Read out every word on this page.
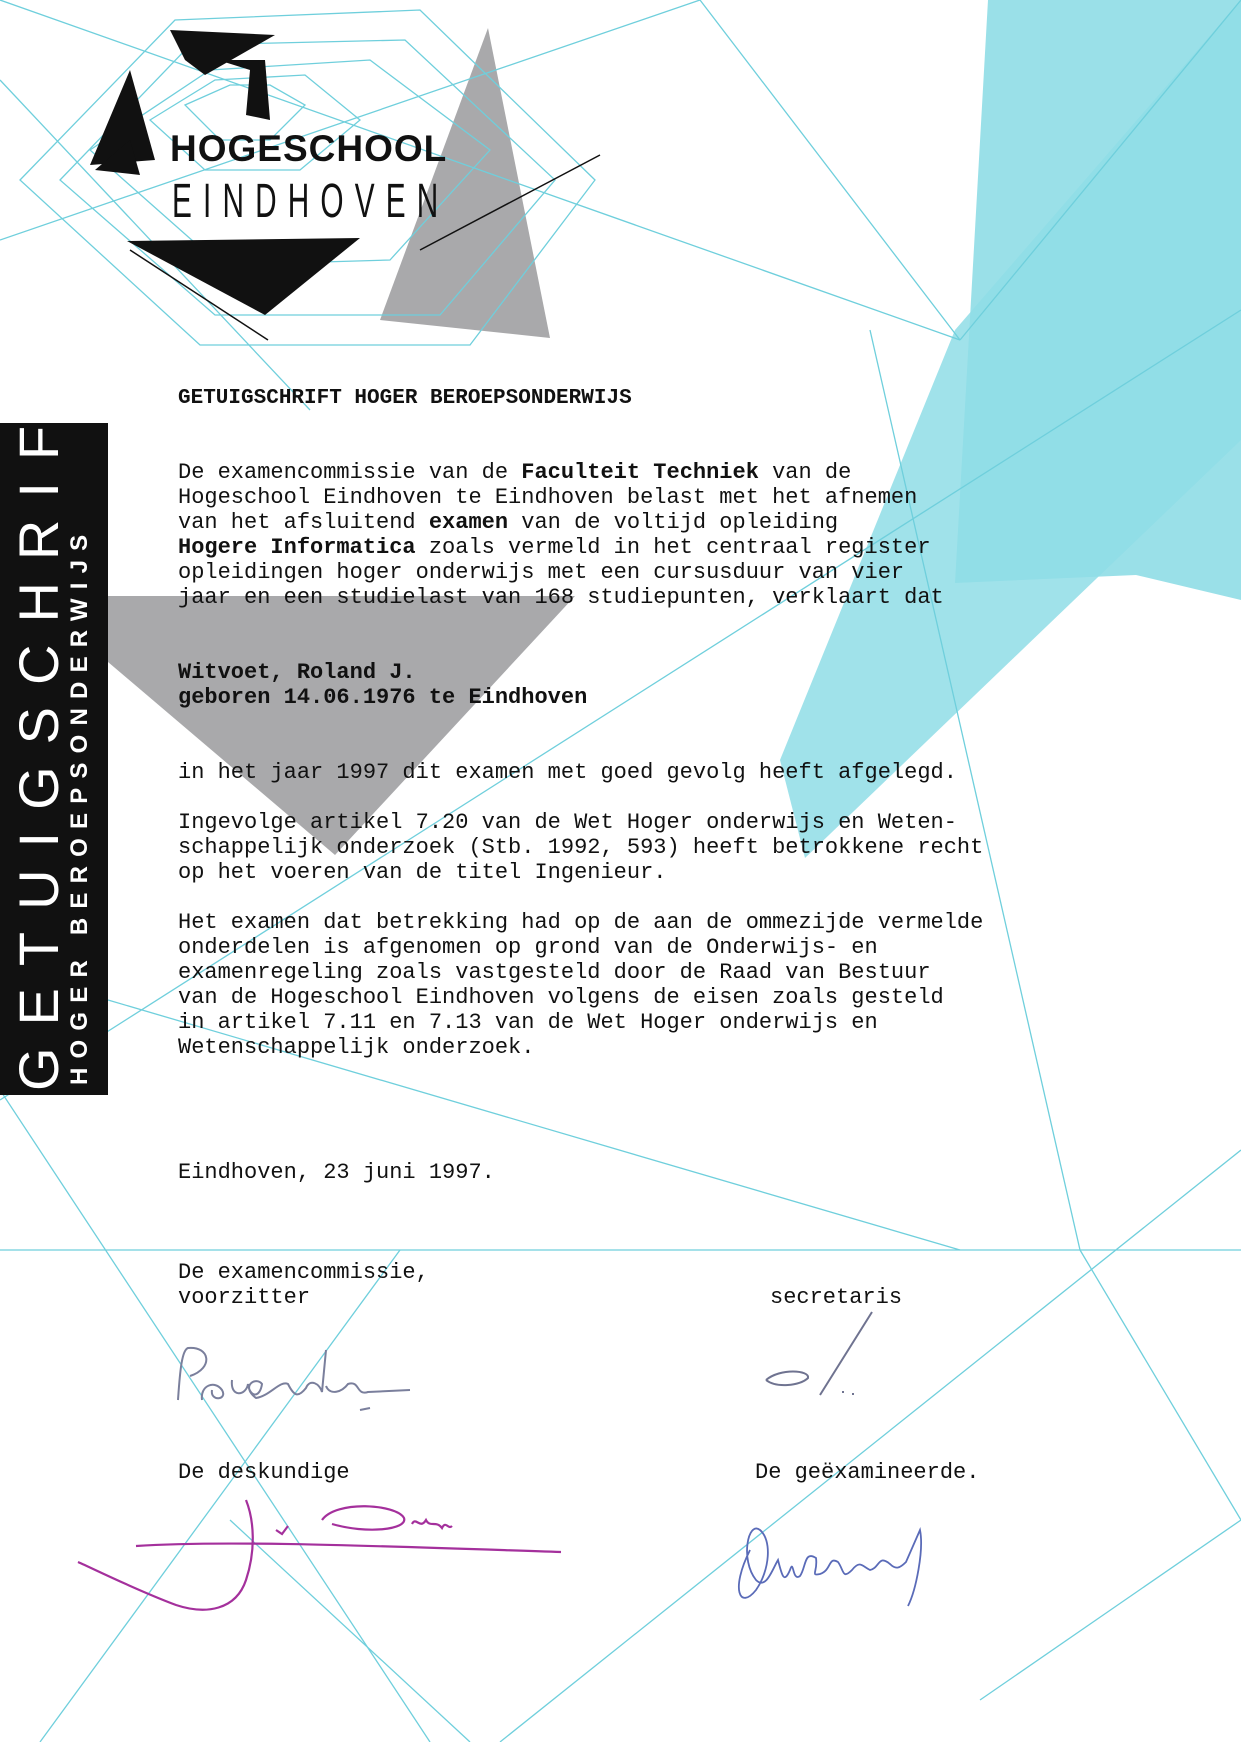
HOGESCHOOL
EINDHOVEN
GETUIGSCHRIFT
HOGER BEROEPSONDERWIJS
GETUIGSCHRIFT HOGER BEROEPSONDERWIJS
De examencommissie van de Faculteit Techniek van de
Hogeschool Eindhoven te Eindhoven belast met het afnemen
van het afsluitend examen van de voltijd opleiding
Hogere Informatica zoals vermeld in het centraal register
opleidingen hoger onderwijs met een cursusduur van vier
jaar en een studielast van 168 studiepunten, verklaart dat
Witvoet, Roland J.
geboren 14.06.1976 te Eindhoven
in het jaar 1997 dit examen met goed gevolg heeft afgelegd.
Ingevolge artikel 7.20 van de Wet Hoger onderwijs en Weten-
schappelijk onderzoek (Stb. 1992, 593) heeft betrokkene recht
op het voeren van de titel Ingenieur.
Het examen dat betrekking had op de aan de ommezijde vermelde
onderdelen is afgenomen op grond van de Onderwijs- en
examenregeling zoals vastgesteld door de Raad van Bestuur
van de Hogeschool Eindhoven volgens de eisen zoals gesteld
in artikel 7.11 en 7.13 van de Wet Hoger onderwijs en
Wetenschappelijk onderzoek.
Eindhoven, 23 juni 1997.
De examencommissie,
voorzitter	secretaris
De deskundige	De geëxamineerde.
